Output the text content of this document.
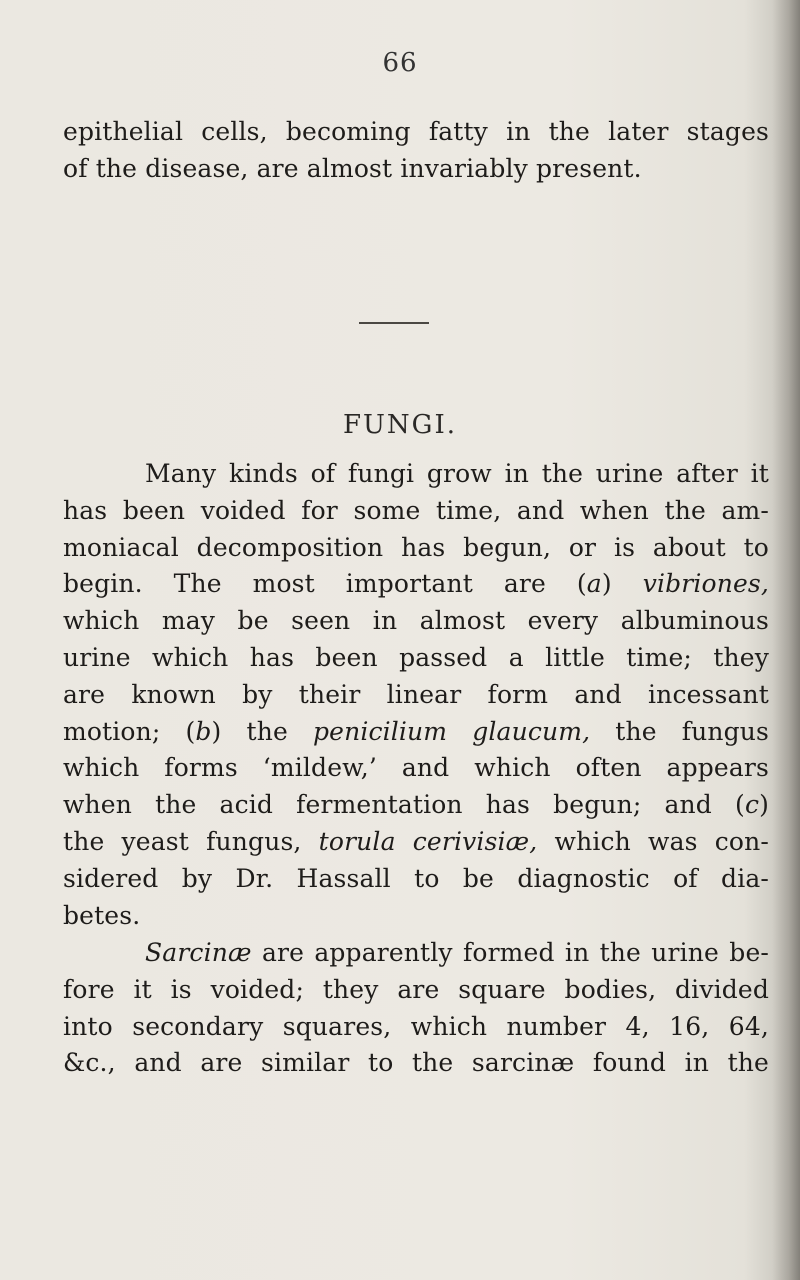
66
epithelial cells, becoming fatty in the later stages
of the disease, are almost invariably present.
FUNGI.
Many kinds of fungi grow in the urine after it
has been voided for some time, and when the am-
moniacal decomposition has begun, or is about to
begin. The most important are (a) vibriones,
which may be seen in almost every albuminous
urine which has been passed a little time; they
are known by their linear form and incessant
motion; (b) the penicilium glaucum, the fungus
which forms ‘mildew,’ and which often appears
when the acid fermentation has begun; and (c)
the yeast fungus, torula cerivisiæ, which was con-
sidered by Dr. Hassall to be diagnostic of dia-
betes.
Sarcinæ are apparently formed in the urine be-
fore it is voided; they are square bodies, divided
into secondary squares, which number 4, 16, 64,
&c., and are similar to the sarcinæ found in the
